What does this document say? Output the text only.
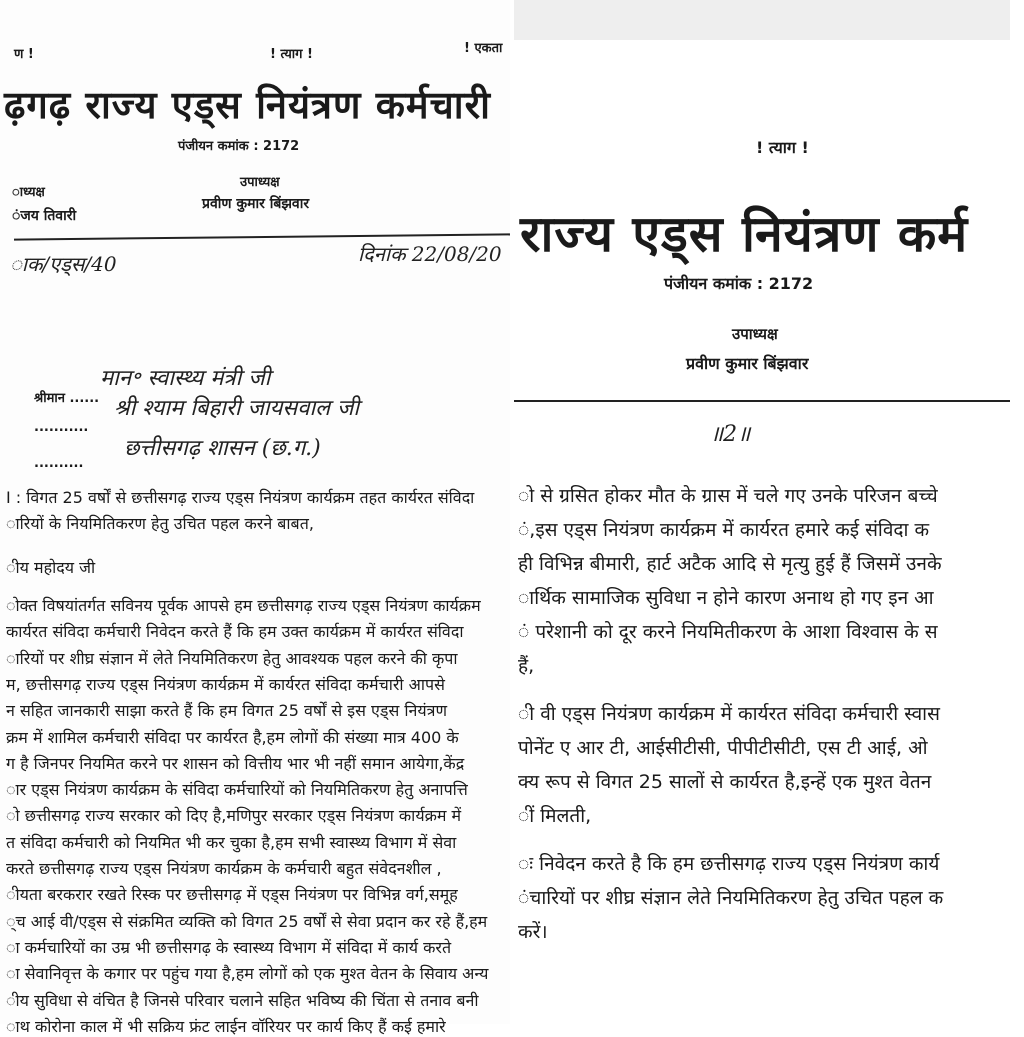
ण !	! त्याग !	! एकता
ढ़गढ़ राज्य एड्स नियंत्रण कर्मचारी
पंजीयन कमांक : 2172
ाध्यक्ष
ंजय तिवारी
उपाध्यक्ष
प्रवीण कुमार बिंझवार
ाक/एड्स/40	दिनांक 22/08/20
श्रीमान ......
मान॰ स्वास्थ्य मंत्री जी
श्री श्याम बिहारी जायसवाल जी
छत्तीसगढ़ शासन (छ.ग.)
...........
..........
I : विगत 25 वर्षों से छत्तीसगढ़ राज्य एड्स नियंत्रण कार्यक्रम तहत कार्यरत संविदा
ारियों के नियमितिकरण हेतु उचित पहल करने बाबत,
ीय महोदय जी
ोक्त विषयांतर्गत सविनय पूर्वक आपसे हम छत्तीसगढ़ राज्य एड्स नियंत्रण कार्यक्रम
कार्यरत संविदा कर्मचारी निवेदन करते हैं कि हम उक्त कार्यक्रम में कार्यरत संविदा
ारियों पर शीघ्र संज्ञान में लेते नियमितिकरण हेतु आवश्यक पहल करने की कृपा
म, छत्तीसगढ़ राज्य एड्स नियंत्रण कार्यक्रम में कार्यरत संविदा कर्मचारी आपसे
न सहित जानकारी साझा करते हैं कि हम विगत 25 वर्षों से इस एड्स नियंत्रण
क्रम में शामिल कर्मचारी संविदा पर कार्यरत है,हम लोगों की संख्या मात्र 400 के
ग है जिनपर नियमित करने पर शासन को वित्तीय भार भी नहीं समान आयेगा,केंद्र
ार एड्स नियंत्रण कार्यक्रम के संविदा कर्मचारियों को नियमितिकरण हेतु अनापत्ति
ो छत्तीसगढ़ राज्य सरकार को दिए है,मणिपुर सरकार एड्स नियंत्रण कार्यक्रम में
त संविदा कर्मचारी को नियमित भी कर चुका है,हम सभी स्वास्थ्य विभाग में सेवा
करते छत्तीसगढ़ राज्य एड्स नियंत्रण कार्यक्रम के कर्मचारी बहुत संवेदनशील ,
ीयता बरकरार रखते रिस्क पर छत्तीसगढ़ में एड्स नियंत्रण पर विभिन्न वर्ग,समूह
्च आई वी/एड्स से संक्रमित व्यक्ति को विगत 25 वर्षों से सेवा प्रदान कर रहे हैं,हम
ा कर्मचारियों का उम्र भी छत्तीसगढ़ के स्वास्थ्य विभाग में संविदा में कार्य करते
ा सेवानिवृत्त के कगार पर पहुंच गया है,हम लोगों को एक मुश्त वेतन के सिवाय अन्य
ीय सुविधा से वंचित है जिनसे परिवार चलाने सहित भविष्य की चिंता से तनाव बनी
ाथ कोरोना काल में भी सक्रिय फ्रंट लाईन वॉरियर पर कार्य किए हैं कई हमारे
! त्याग !
राज्य एड्स नियंत्रण कर्म
पंजीयन कमांक : 2172
उपाध्यक्ष
प्रवीण कुमार बिंझवार
॥2॥
ो से ग्रसित होकर मौत के ग्रास में चले गए उनके परिजन बच्चे
ं,इस एड्स नियंत्रण कार्यक्रम में कार्यरत हमारे कई संविदा क
ही विभिन्न बीमारी, हार्ट अटैक आदि से मृत्यु हुई हैं जिसमें उनके
ार्थिक सामाजिक सुविधा न होने कारण अनाथ हो गए इन आ
ं परेशानी को दूर करने नियमितीकरण के आशा विश्वास के स
हैं,
ी वी एड्स नियंत्रण कार्यक्रम में कार्यरत संविदा कर्मचारी स्वास
पोनेंट ए आर टी, आईसीटीसी, पीपीटीसीटी, एस टी आई, ओ
क्य रूप से विगत 25 सालों से कार्यरत है,इन्हें एक मुश्त वेतन
ीं मिलती,
ः निवेदन करते है कि हम छत्तीसगढ़ राज्य एड्स नियंत्रण कार्य
ंचारियों पर शीघ्र संज्ञान लेते नियमितिकरण हेतु उचित पहल क
करें।
